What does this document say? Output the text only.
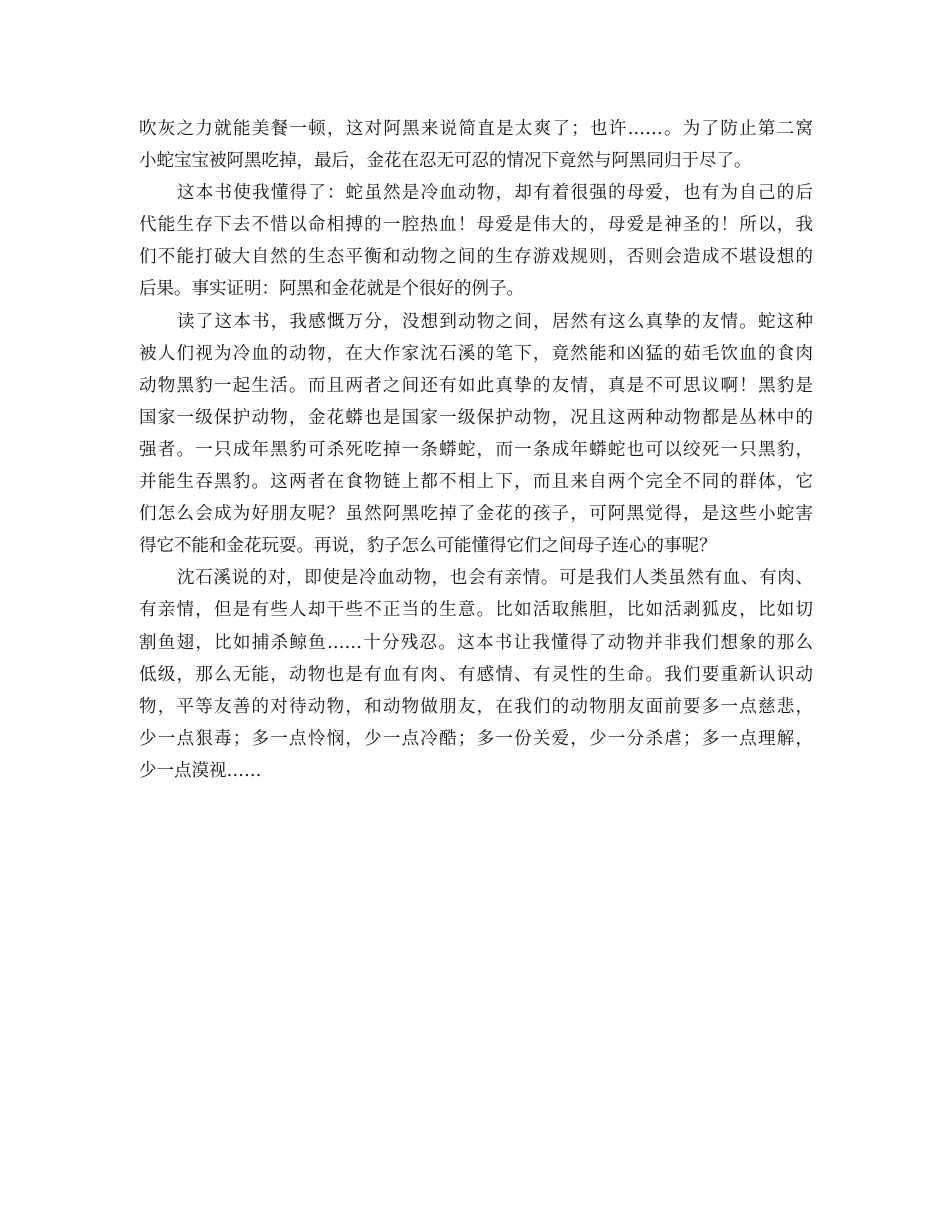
吹灰之力就能美餐一顿，这对阿黑来说简直是太爽了；也许……。为了防止第二窝
小蛇宝宝被阿黑吃掉，最后，金花在忍无可忍的情况下竟然与阿黑同归于尽了。
这本书使我懂得了：蛇虽然是冷血动物，却有着很强的母爱，也有为自己的后
代能生存下去不惜以命相搏的一腔热血！母爱是伟大的，母爱是神圣的！所以，我
们不能打破大自然的生态平衡和动物之间的生存游戏规则，否则会造成不堪设想的
后果。事实证明：阿黑和金花就是个很好的例子。
读了这本书，我感慨万分，没想到动物之间，居然有这么真挚的友情。蛇这种
被人们视为冷血的动物，在大作家沈石溪的笔下，竟然能和凶猛的茹毛饮血的食肉
动物黑豹一起生活。而且两者之间还有如此真挚的友情，真是不可思议啊！黑豹是
国家一级保护动物，金花蟒也是国家一级保护动物，况且这两种动物都是丛林中的
强者。一只成年黑豹可杀死吃掉一条蟒蛇，而一条成年蟒蛇也可以绞死一只黑豹，
并能生吞黑豹。这两者在食物链上都不相上下，而且来自两个完全不同的群体，它
们怎么会成为好朋友呢？虽然阿黑吃掉了金花的孩子，可阿黑觉得，是这些小蛇害
得它不能和金花玩耍。再说，豹子怎么可能懂得它们之间母子连心的事呢？
沈石溪说的对，即使是冷血动物，也会有亲情。可是我们人类虽然有血、有肉、
有亲情，但是有些人却干些不正当的生意。比如活取熊胆，比如活剥狐皮，比如切
割鱼翅，比如捕杀鲸鱼……十分残忍。这本书让我懂得了动物并非我们想象的那么
低级，那么无能，动物也是有血有肉、有感情、有灵性的生命。我们要重新认识动
物，平等友善的对待动物，和动物做朋友，在我们的动物朋友面前要多一点慈悲，
少一点狠毒；多一点怜悯，少一点冷酷；多一份关爱，少一分杀虐；多一点理解，
少一点漠视……
